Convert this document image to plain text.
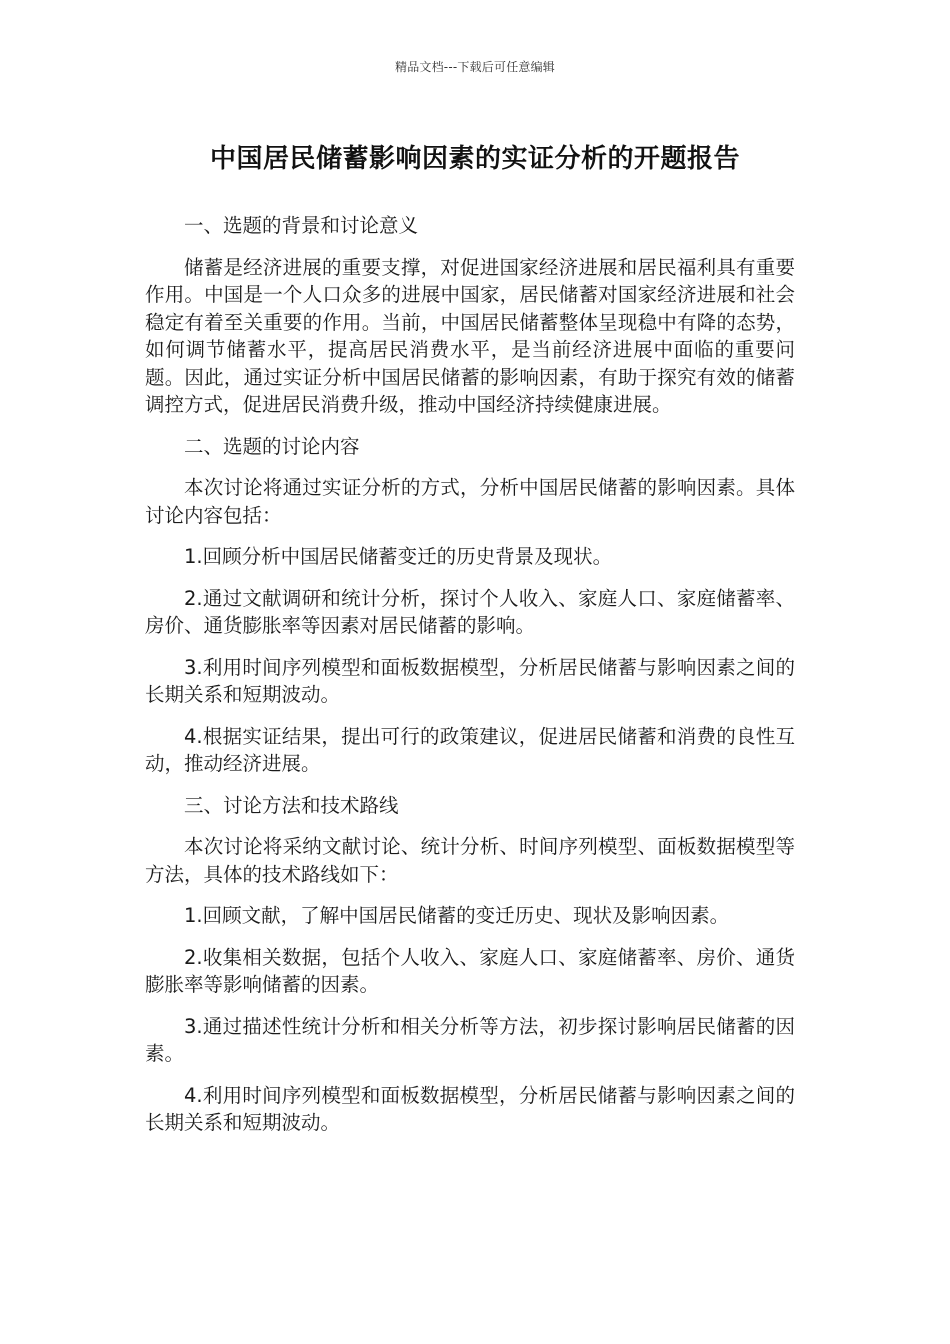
精品文档---下载后可任意编辑
中国居民储蓄影响因素的实证分析的开题报告

一、选题的背景和讨论意义

储蓄是经济进展的重要支撑，对促进国家经济进展和居民福利具有重要作用。中国是一个人口众多的进展中国家，居民储蓄对国家经济进展和社会稳定有着至关重要的作用。当前，中国居民储蓄整体呈现稳中有降的态势，如何调节储蓄水平，提高居民消费水平，是当前经济进展中面临的重要问题。因此，通过实证分析中国居民储蓄的影响因素，有助于探究有效的储蓄调控方式，促进居民消费升级，推动中国经济持续健康进展。

二、选题的讨论内容

本次讨论将通过实证分析的方式，分析中国居民储蓄的影响因素。具体讨论内容包括：

1.回顾分析中国居民储蓄变迁的历史背景及现状。

2.通过文献调研和统计分析，探讨个人收入、家庭人口、家庭储蓄率、房价、通货膨胀率等因素对居民储蓄的影响。

3.利用时间序列模型和面板数据模型，分析居民储蓄与影响因素之间的长期关系和短期波动。

4.根据实证结果，提出可行的政策建议，促进居民储蓄和消费的良性互动，推动经济进展。

三、讨论方法和技术路线

本次讨论将采纳文献讨论、统计分析、时间序列模型、面板数据模型等方法，具体的技术路线如下：

1.回顾文献，了解中国居民储蓄的变迁历史、现状及影响因素。

2.收集相关数据，包括个人收入、家庭人口、家庭储蓄率、房价、通货膨胀率等影响储蓄的因素。

3.通过描述性统计分析和相关分析等方法，初步探讨影响居民储蓄的因素。

4.利用时间序列模型和面板数据模型，分析居民储蓄与影响因素之间的长期关系和短期波动。
